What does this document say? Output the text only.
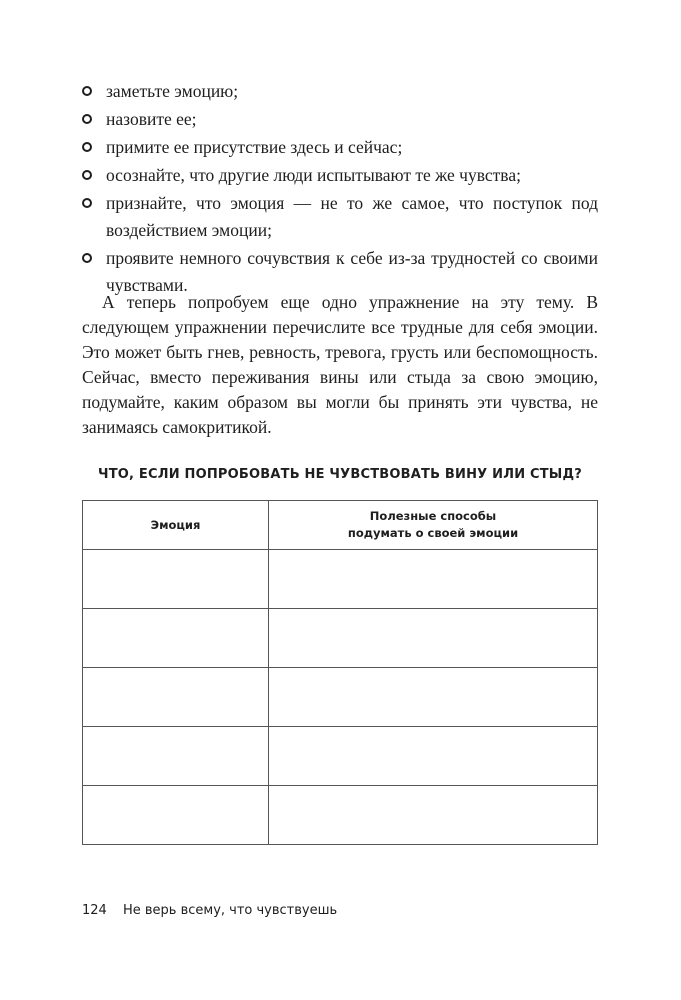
заметьте эмоцию;
назовите ее;
примите ее присутствие здесь и сейчас;
осознайте, что другие люди испытывают те же чувства;
признайте, что эмоция — не то же самое, что поступок под воздействием эмоции;
проявите немного сочувствия к себе из-за трудностей со своими чувствами.

А теперь попробуем еще одно упражнение на эту тему. В следующем упражнении перечислите все трудные для себя эмоции. Это может быть гнев, ревность, тревога, грусть или беспомощность. Сейчас, вместо переживания вины или стыда за свою эмоцию, подумайте, каким образом вы могли бы принять эти чувства, не занимаясь самокритикой.

ЧТО, ЕСЛИ ПОПРОБОВАТЬ НЕ ЧУВСТВОВАТЬ ВИНУ ИЛИ СТЫД?
Эмоция	Полезные способы подумать о своей эмоции

124 Не верь всему, что чувствуешь
